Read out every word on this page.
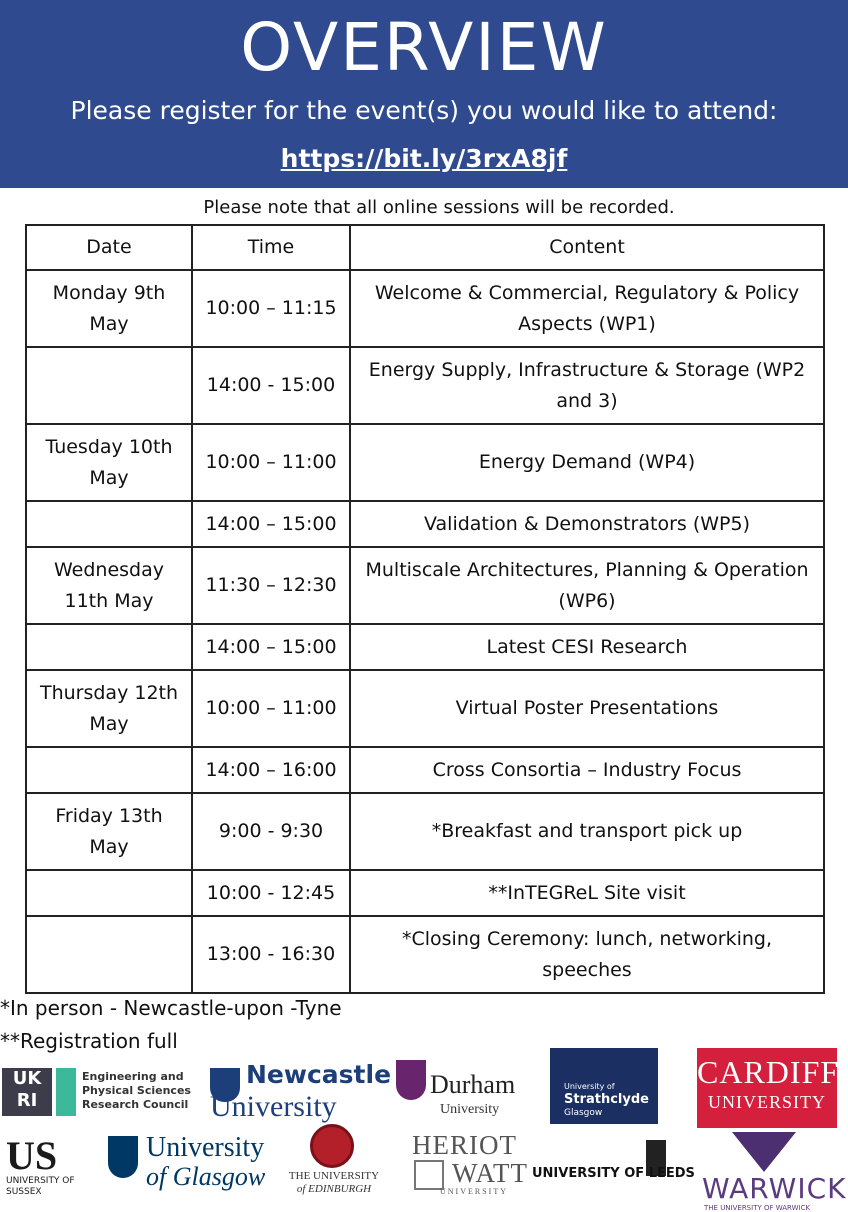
OVERVIEW
Please register for the event(s) you would like to attend:
https://bit.ly/3rxA8jf
Please note that all online sessions will be recorded.
Date	Time	Content
Monday 9th May	10:00 – 11:15	Welcome & Commercial, Regulatory & Policy Aspects (WP1)
	14:00 - 15:00	Energy Supply, Infrastructure & Storage (WP2 and 3)
Tuesday 10th May	10:00 – 11:00	Energy Demand (WP4)
	14:00 – 15:00	Validation & Demonstrators (WP5)
Wednesday 11th May	11:30 – 12:30	Multiscale Architectures, Planning & Operation (WP6)
	14:00 – 15:00	Latest CESI Research
Thursday 12th May	10:00 – 11:00	Virtual Poster Presentations
	14:00 – 16:00	Cross Consortia – Industry Focus
Friday 13th May	9:00 - 9:30	*Breakfast and transport pick up
	10:00 - 12:45	**InTEGReL Site visit
	13:00 - 16:30	*Closing Ceremony: lunch, networking, speeches
*In person - Newcastle-upon -Tyne
**Registration full
UK RI
Engineering and Physical Sciences Research Council
Newcastle
University
Durham
University
University of
Strathclyde
Glasgow
CARDIFF
UNIVERSITY
US
UNIVERSITY OF SUSSEX
University
of Glasgow THE UNIVERSITY
of EDINBURGH
HERIOT
WATT
UNIVERSITY
UNIVERSITY OF LEEDS WARWICK
THE UNIVERSITY OF WARWICK
